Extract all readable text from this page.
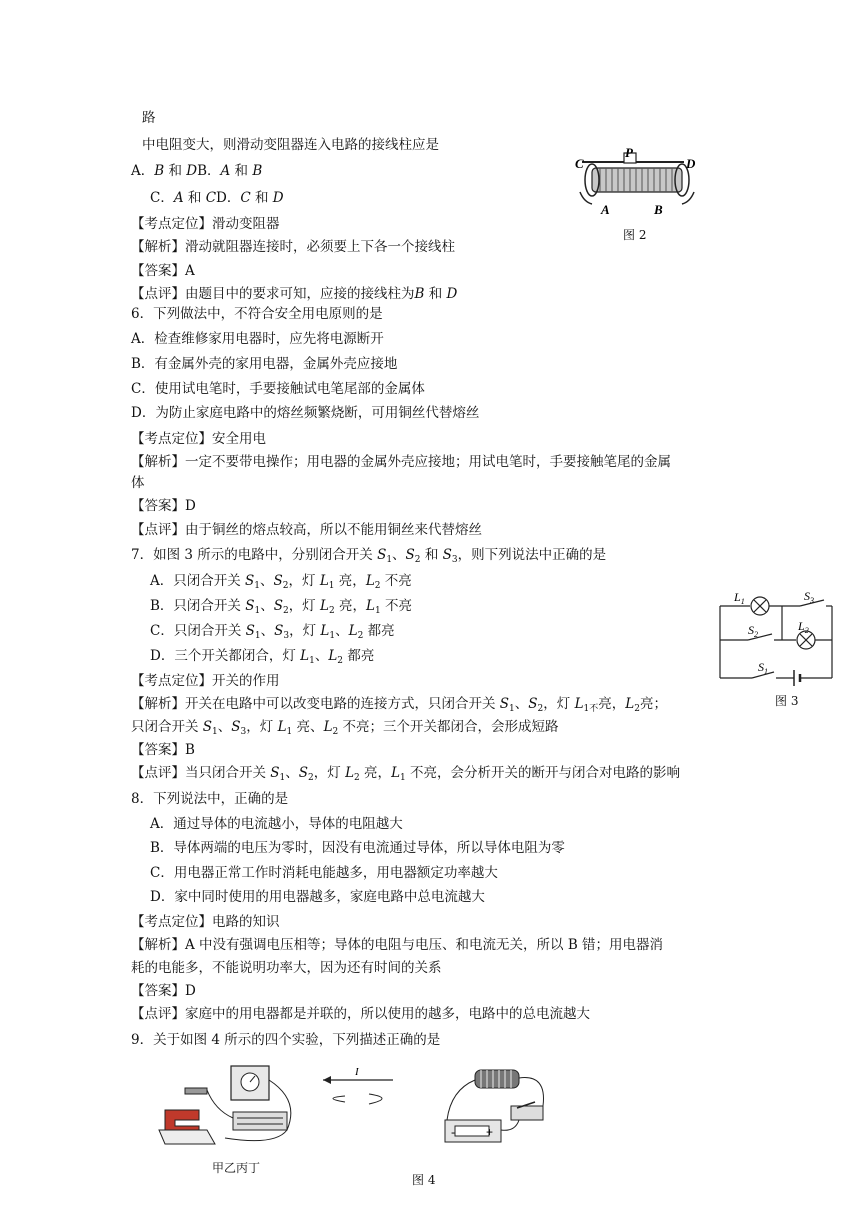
路
中电阻变大，则滑动变阻器连入电路的接线柱应是
A．B 和 DB．A 和 B
C．A 和 CD．C 和 D
【考点定位】滑动变阻器
【解析】滑动就阻器连接时，必须要上下各一个接线柱
【答案】A
【点评】由题目中的要求可知，应接的接线柱为B 和 D
C
P
D
A	B
图 2
6．下列做法中，不符合安全用电原则的是
A．检查维修家用电器时，应先将电源断开
B．有金属外壳的家用电器，金属外壳应接地
C．使用试电笔时，手要接触试电笔尾部的金属体
D．为防止家庭电路中的熔丝频繁烧断，可用铜丝代替熔丝
【考点定位】安全用电
【解析】一定不要带电操作；用电器的金属外壳应接地；用试电笔时，手要接触笔尾的金属
体
【答案】D
【点评】由于铜丝的熔点较高，所以不能用铜丝来代替熔丝
7．如图 3 所示的电路中，分别闭合开关 $S_1$、$S_2$ 和 $S_3$，则下列说法中正确的是
A．只闭合开关 $S_1$、$S_2$，灯 $L_1$ 亮，$L_2$ 不亮
B．只闭合开关 $S_1$、$S_2$，灯 $L_2$ 亮，$L_1$ 不亮
C．只闭合开关 $S_1$、$S_3$，灯 $L_1$、$L_2$ 都亮
D．三个开关都闭合，灯 $L_1$、$L_2$ 都亮
【考点定位】开关的作用
【解析】开关在电路中可以改变电路的连接方式，只闭合开关 $S_1$、$S_2$，灯 $L_{1不}$亮，$L_2$亮；
只闭合开关 $S_1$、$S_3$，灯 $L_1$ 亮、$L_2$ 不亮；三个开关都闭合，会形成短路
【答案】B
【点评】当只闭合开关 $S_1$、$S_2$，灯 $L_2$ 亮，$L_1$ 不亮，会分析开关的断开与闭合对电路的影响
$L_1$	$S_3$
$S_2$
$L_2$
$S_1$
图 3
8．下列说法中，正确的是
A．通过导体的电流越小，导体的电阻越大
B．导体两端的电压为零时，因没有电流通过导体，所以导体电阻为零
C．用电器正常工作时消耗电能越多，用电器额定功率越大
D．家中同时使用的用电器越多，家庭电路中总电流越大
【考点定位】电路的知识
【解析】A 中没有强调电压相等；导体的电阻与电压、和电流无关，所以 B 错；用电器消
耗的电能多，不能说明功率大，因为还有时间的关系
【答案】D
【点评】家庭中的用电器都是并联的，所以使用的越多，电路中的总电流越大
9．关于如图 4 所示的四个实验，下列描述正确的是
I
-	+
甲乙丙丁
图 4
